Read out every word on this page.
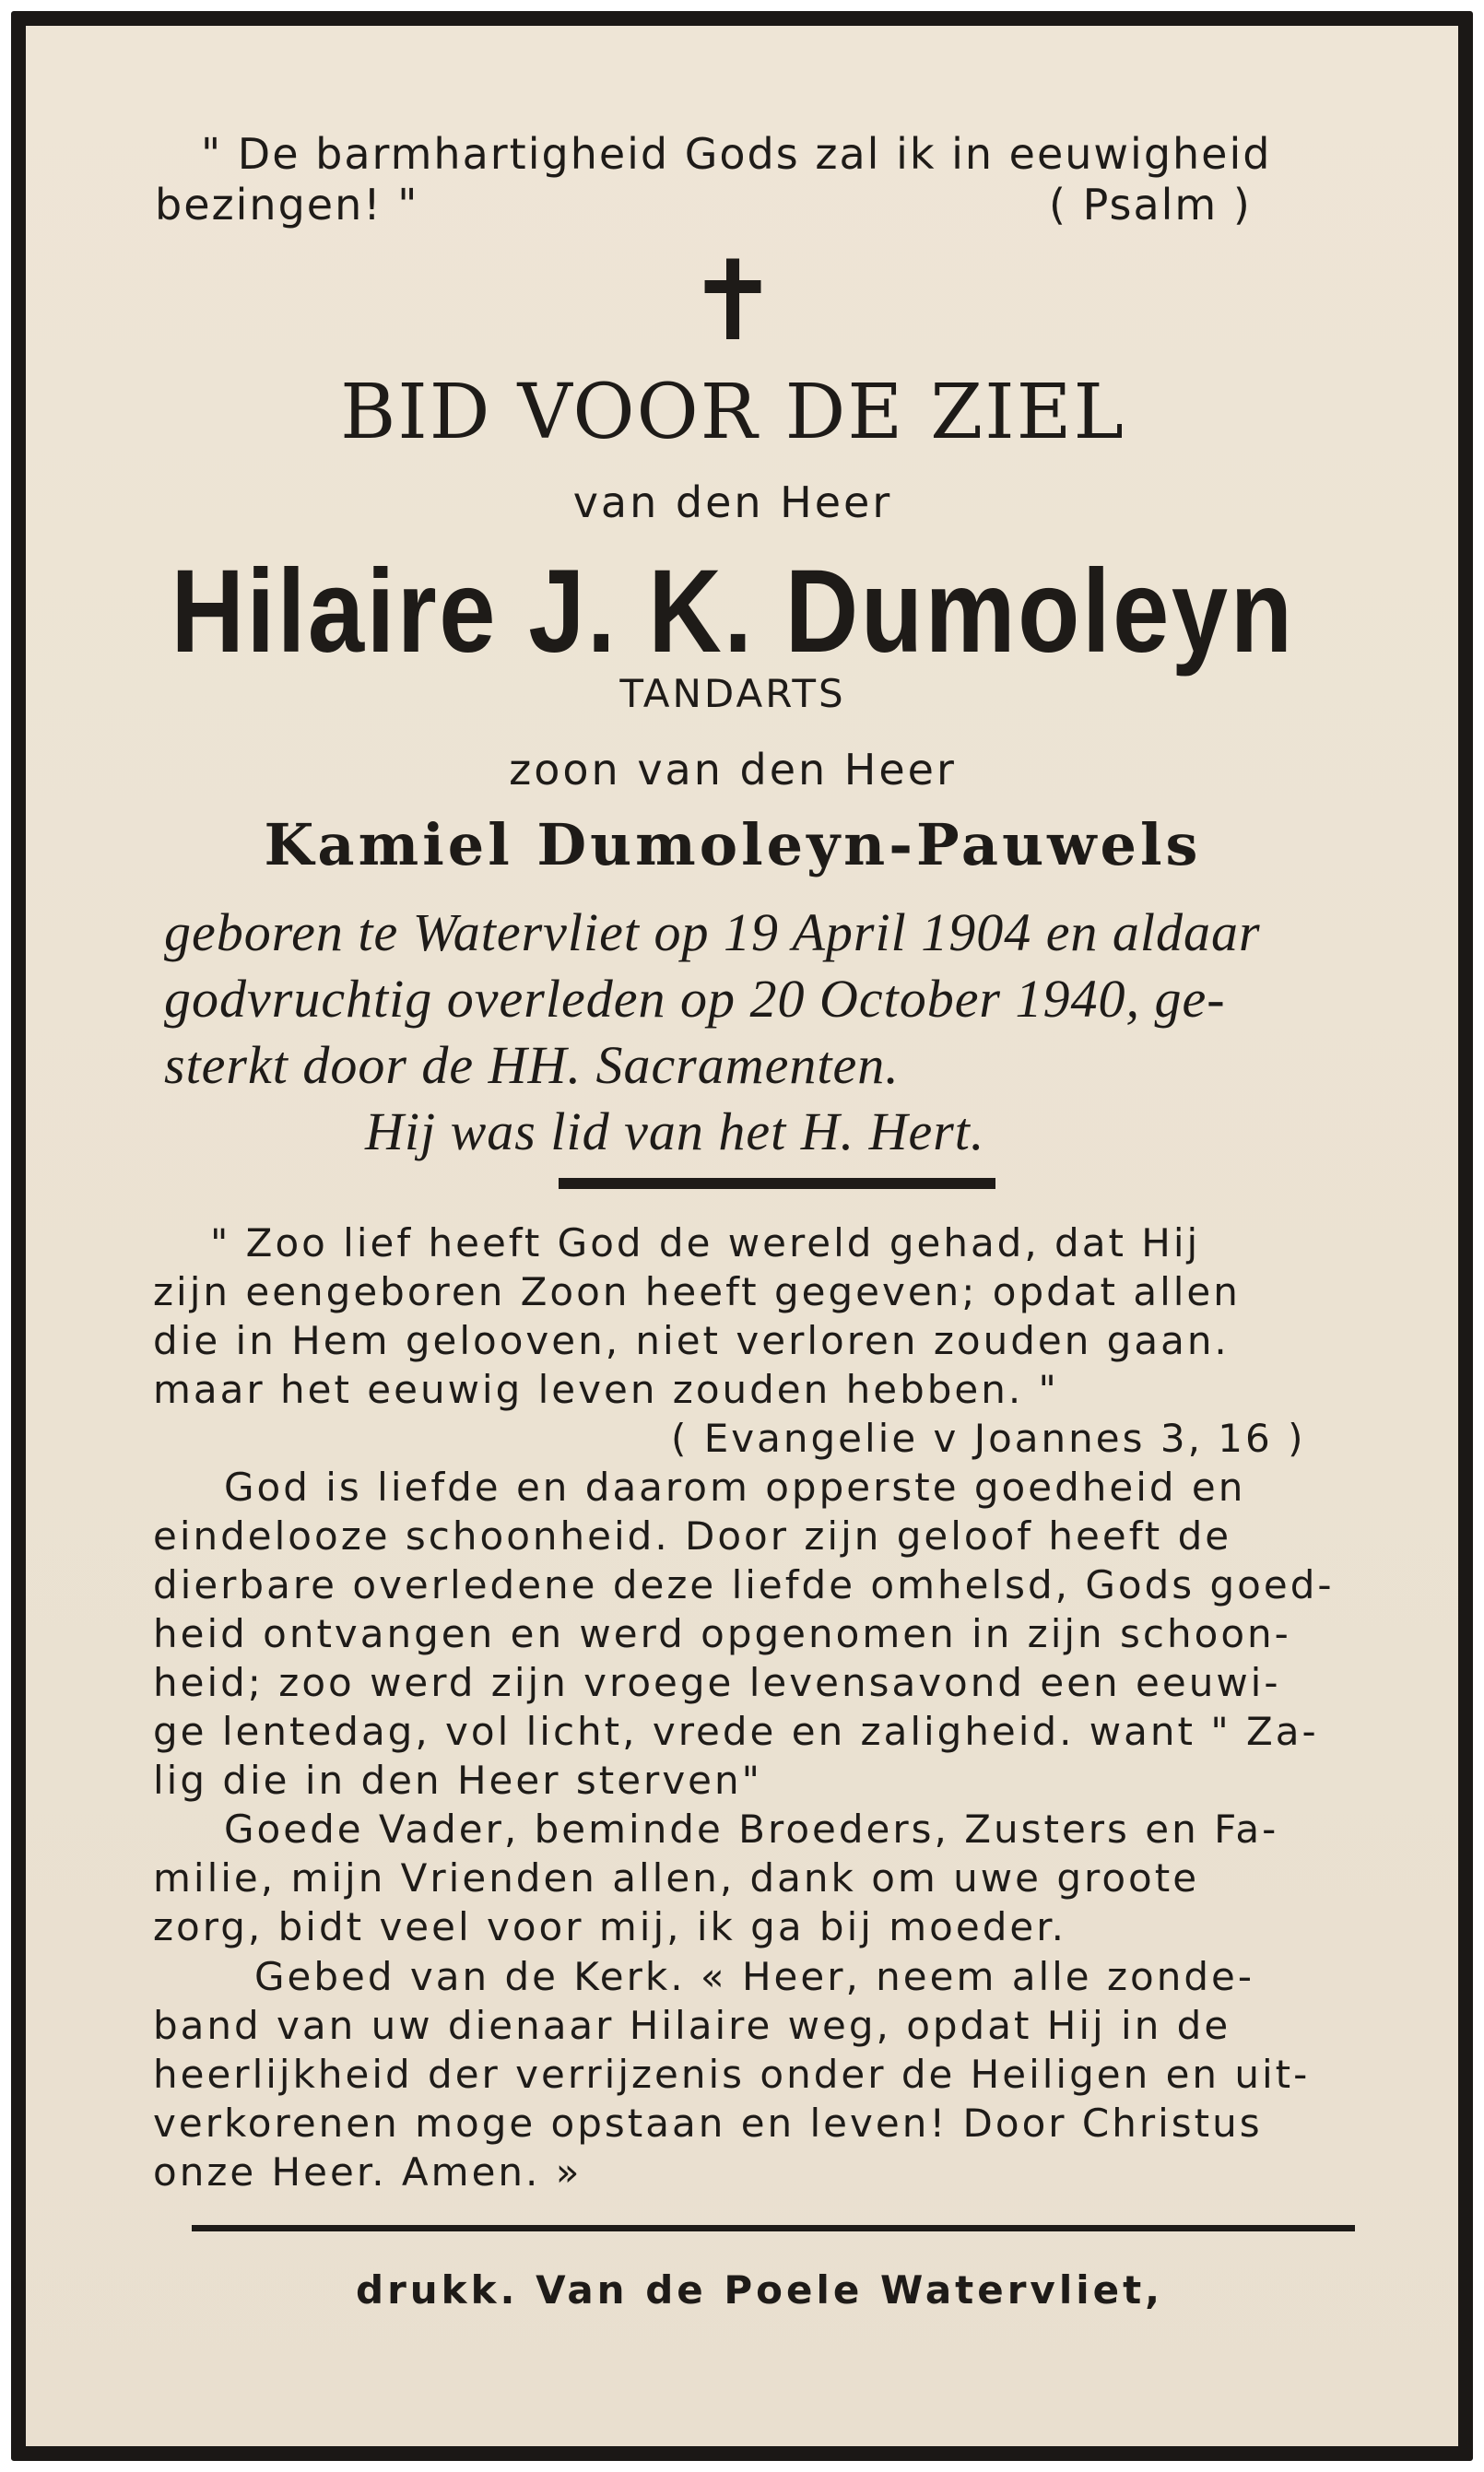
" De barmhartigheid Gods zal ik in eeuwigheid
bezingen! "	( Psalm )
✝
BID VOOR DE ZIEL
van den Heer
Hilaire J. K. Dumoleyn
TANDARTS
zoon van den Heer
Kamiel Dumoleyn-Pauwels
geboren te Watervliet op 19 April 1904 en aldaar
godvruchtig overleden op 20 October 1940, ge-
sterkt door de HH. Sacramenten.
Hij was lid van het H. Hert.
" Zoo lief heeft God de wereld gehad, dat Hij
zijn eengeboren Zoon heeft gegeven; opdat allen
die in Hem gelooven, niet verloren zouden gaan.
maar het eeuwig leven zouden hebben. "
( Evangelie v Joannes 3, 16 )
God is liefde en daarom opperste goedheid en
eindelooze schoonheid. Door zijn geloof heeft de
dierbare overledene deze liefde omhelsd, Gods goed-
heid ontvangen en werd opgenomen in zijn schoon-
heid; zoo werd zijn vroege levensavond een eeuwi-
ge lentedag, vol licht, vrede en zaligheid. want " Za-
lig die in den Heer sterven"
Goede Vader, beminde Broeders, Zusters en Fa-
milie, mijn Vrienden allen, dank om uwe groote
zorg, bidt veel voor mij, ik ga bij moeder.
Gebed van de Kerk. « Heer, neem alle zonde-
band van uw dienaar Hilaire weg, opdat Hij in de
heerlijkheid der verrijzenis onder de Heiligen en uit-
verkorenen moge opstaan en leven! Door Christus
onze Heer. Amen. »
drukk. Van de Poele Watervliet,
